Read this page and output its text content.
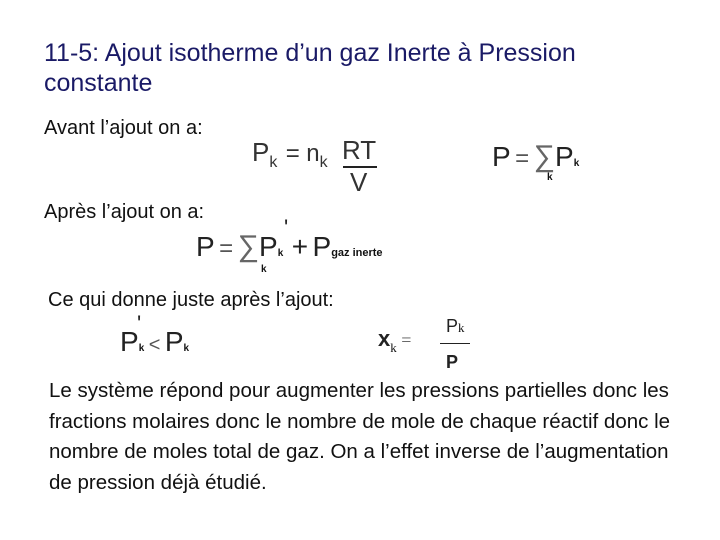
11-5: Ajout isotherme d’un gaz Inerte à Pression constante
Avant l’ajout on a:
Pk = nk RT
V
P = ∑Pk
k
Après l’ajout on a:
P = ∑Pk + Pgaz inerte
'
k
Ce qui donne juste après l’ajout:
Pk < Pk
'
$x_k$ =
Pk
P
Le système répond pour augmenter les pressions partielles donc les fractions molaires donc le nombre de mole de chaque réactif donc le nombre de moles total de gaz. On a l’effet inverse de l’augmentation de pression déjà étudié.
